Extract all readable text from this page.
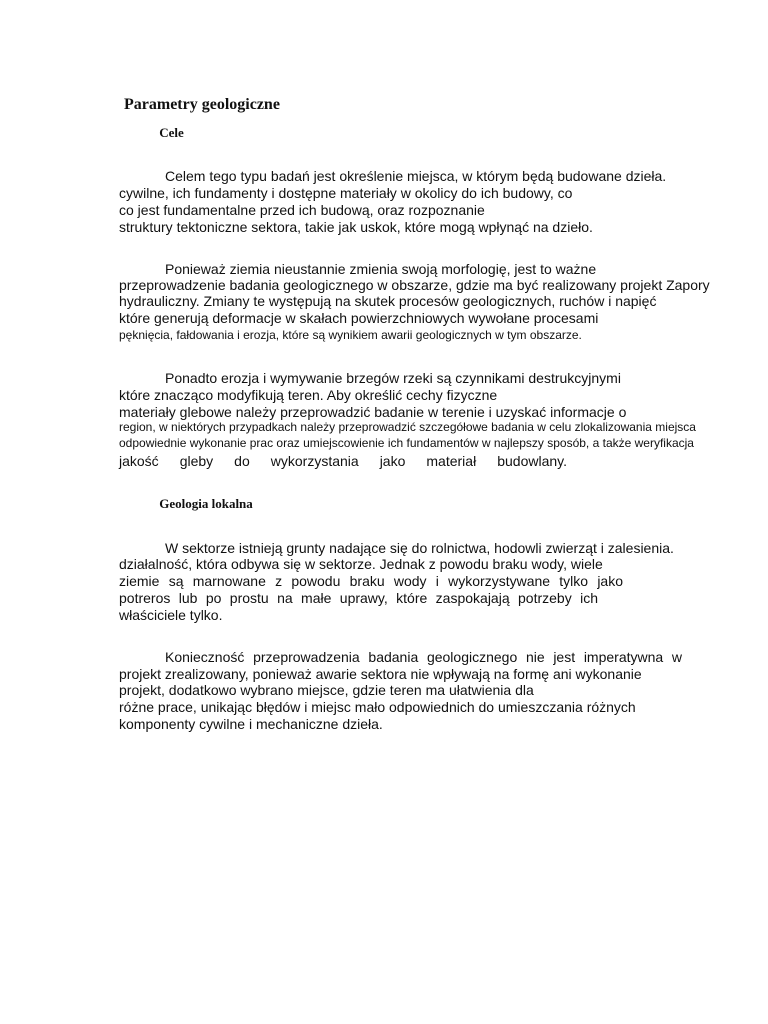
Parametry geologiczne
Cele
Celem tego typu badań jest określenie miejsca, w którym będą budowane dzieła.
cywilne, ich fundamenty i dostępne materiały w okolicy do ich budowy, co
co jest fundamentalne przed ich budową, oraz rozpoznanie
struktury tektoniczne sektora, takie jak uskok, które mogą wpłynąć na dzieło.
Ponieważ ziemia nieustannie zmienia swoją morfologię, jest to ważne
przeprowadzenie badania geologicznego w obszarze, gdzie ma być realizowany projekt Zapory
hydrauliczny. Zmiany te występują na skutek procesów geologicznych, ruchów i napięć
które generują deformacje w skałach powierzchniowych wywołane procesami
pęknięcia, fałdowania i erozja, które są wynikiem awarii geologicznych w tym obszarze.
Ponadto erozja i wymywanie brzegów rzeki są czynnikami destrukcyjnymi
które znacząco modyfikują teren. Aby określić cechy fizyczne
materiały glebowe należy przeprowadzić badanie w terenie i uzyskać informacje o
region, w niektórych przypadkach należy przeprowadzić szczegółowe badania w celu zlokalizowania miejsca
odpowiednie wykonanie prac oraz umiejscowienie ich fundamentów w najlepszy sposób, a także weryfikacja
jakość gleby do wykorzystania jako materiał budowlany.
Geologia lokalna
W sektorze istnieją grunty nadające się do rolnictwa, hodowli zwierząt i zalesienia.
działalność, która odbywa się w sektorze. Jednak z powodu braku wody, wiele
ziemie są marnowane z powodu braku wody i wykorzystywane tylko jako
potreros lub po prostu na małe uprawy, które zaspokajają potrzeby ich
właściciele tylko.
Konieczność przeprowadzenia badania geologicznego nie jest imperatywna w
projekt zrealizowany, ponieważ awarie sektora nie wpływają na formę ani wykonanie
projekt, dodatkowo wybrano miejsce, gdzie teren ma ułatwienia dla
różne prace, unikając błędów i miejsc mało odpowiednich do umieszczania różnych
komponenty cywilne i mechaniczne dzieła.
